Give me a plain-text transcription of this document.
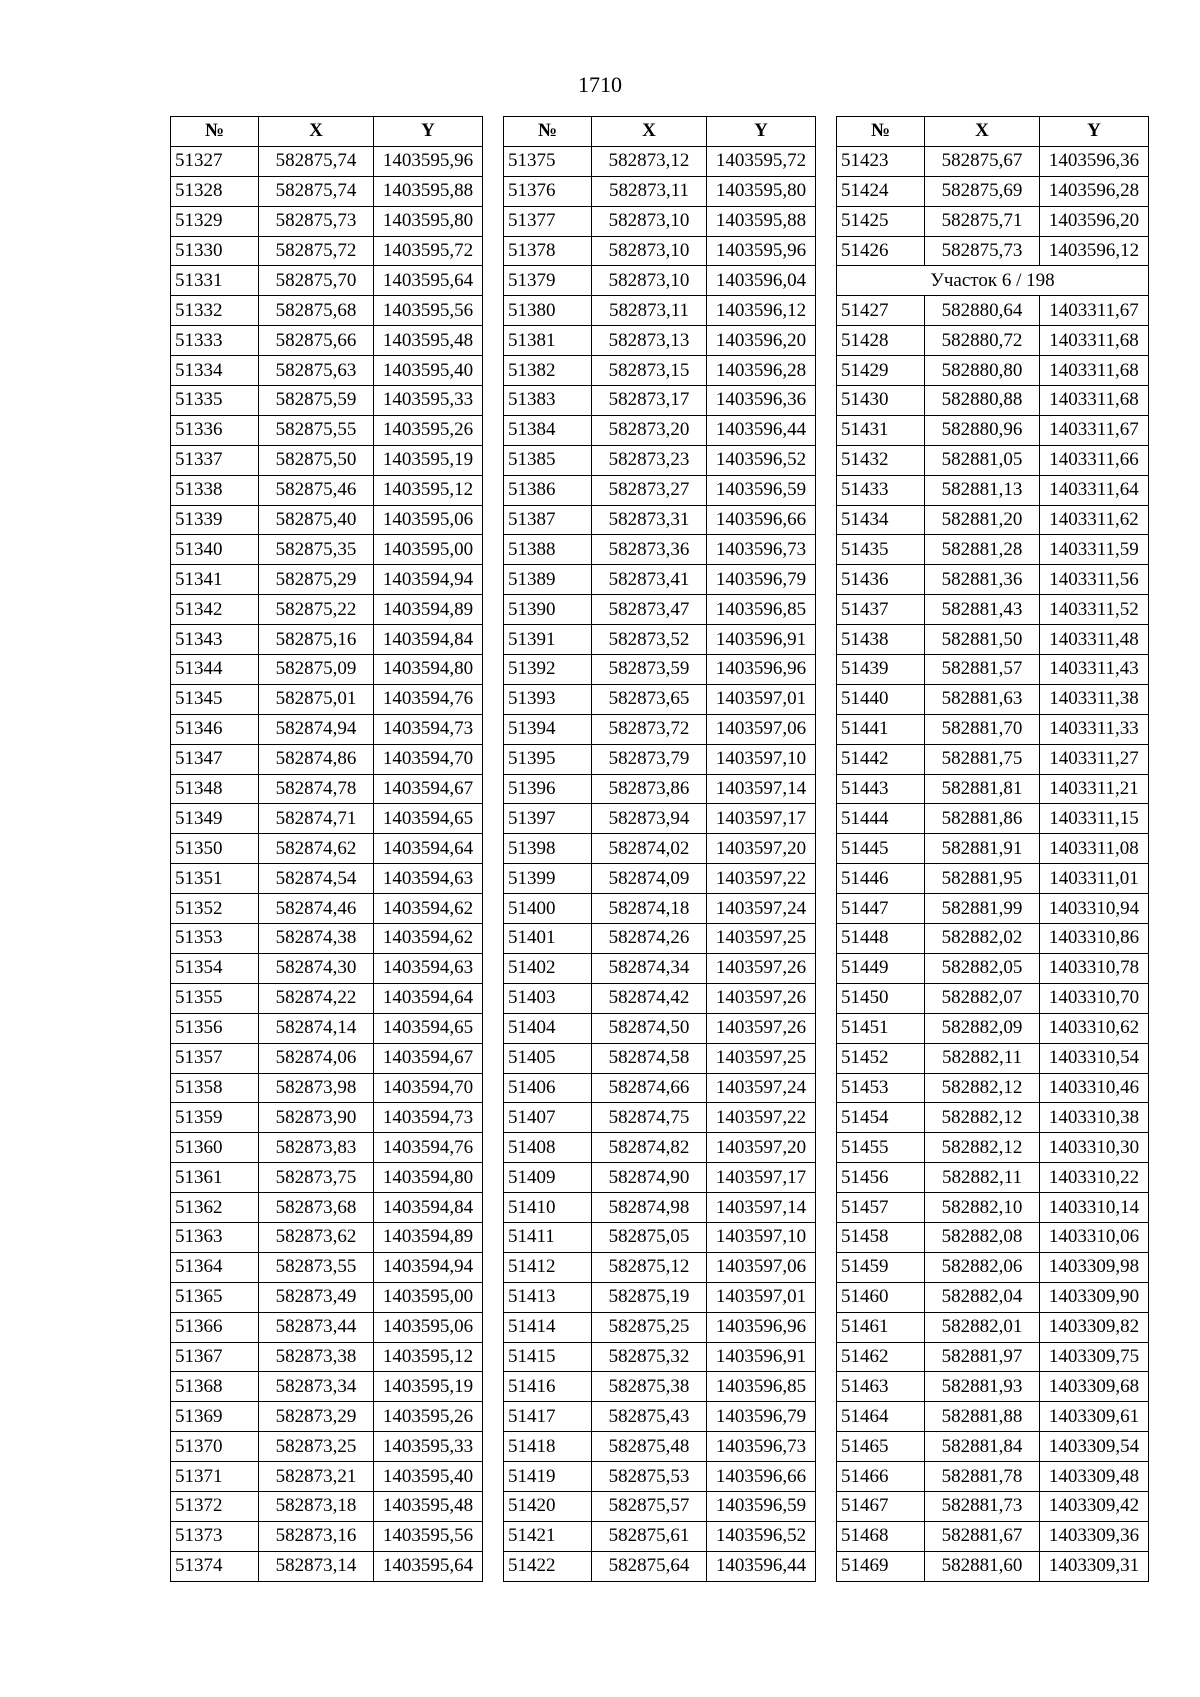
1710
№	X	Y
51327	582875,74	1403595,96
51328	582875,74	1403595,88
51329	582875,73	1403595,80
51330	582875,72	1403595,72
51331	582875,70	1403595,64
51332	582875,68	1403595,56
51333	582875,66	1403595,48
51334	582875,63	1403595,40
51335	582875,59	1403595,33
51336	582875,55	1403595,26
51337	582875,50	1403595,19
51338	582875,46	1403595,12
51339	582875,40	1403595,06
51340	582875,35	1403595,00
51341	582875,29	1403594,94
51342	582875,22	1403594,89
51343	582875,16	1403594,84
51344	582875,09	1403594,80
51345	582875,01	1403594,76
51346	582874,94	1403594,73
51347	582874,86	1403594,70
51348	582874,78	1403594,67
51349	582874,71	1403594,65
51350	582874,62	1403594,64
51351	582874,54	1403594,63
51352	582874,46	1403594,62
51353	582874,38	1403594,62
51354	582874,30	1403594,63
51355	582874,22	1403594,64
51356	582874,14	1403594,65
51357	582874,06	1403594,67
51358	582873,98	1403594,70
51359	582873,90	1403594,73
51360	582873,83	1403594,76
51361	582873,75	1403594,80
51362	582873,68	1403594,84
51363	582873,62	1403594,89
51364	582873,55	1403594,94
51365	582873,49	1403595,00
51366	582873,44	1403595,06
51367	582873,38	1403595,12
51368	582873,34	1403595,19
51369	582873,29	1403595,26
51370	582873,25	1403595,33
51371	582873,21	1403595,40
51372	582873,18	1403595,48
51373	582873,16	1403595,56
51374	582873,14	1403595,64
№	X	Y
51375	582873,12	1403595,72
51376	582873,11	1403595,80
51377	582873,10	1403595,88
51378	582873,10	1403595,96
51379	582873,10	1403596,04
51380	582873,11	1403596,12
51381	582873,13	1403596,20
51382	582873,15	1403596,28
51383	582873,17	1403596,36
51384	582873,20	1403596,44
51385	582873,23	1403596,52
51386	582873,27	1403596,59
51387	582873,31	1403596,66
51388	582873,36	1403596,73
51389	582873,41	1403596,79
51390	582873,47	1403596,85
51391	582873,52	1403596,91
51392	582873,59	1403596,96
51393	582873,65	1403597,01
51394	582873,72	1403597,06
51395	582873,79	1403597,10
51396	582873,86	1403597,14
51397	582873,94	1403597,17
51398	582874,02	1403597,20
51399	582874,09	1403597,22
51400	582874,18	1403597,24
51401	582874,26	1403597,25
51402	582874,34	1403597,26
51403	582874,42	1403597,26
51404	582874,50	1403597,26
51405	582874,58	1403597,25
51406	582874,66	1403597,24
51407	582874,75	1403597,22
51408	582874,82	1403597,20
51409	582874,90	1403597,17
51410	582874,98	1403597,14
51411	582875,05	1403597,10
51412	582875,12	1403597,06
51413	582875,19	1403597,01
51414	582875,25	1403596,96
51415	582875,32	1403596,91
51416	582875,38	1403596,85
51417	582875,43	1403596,79
51418	582875,48	1403596,73
51419	582875,53	1403596,66
51420	582875,57	1403596,59
51421	582875,61	1403596,52
51422	582875,64	1403596,44
№	X	Y
51423	582875,67	1403596,36
51424	582875,69	1403596,28
51425	582875,71	1403596,20
51426	582875,73	1403596,12
Участок 6 / 198		
51427	582880,64	1403311,67
51428	582880,72	1403311,68
51429	582880,80	1403311,68
51430	582880,88	1403311,68
51431	582880,96	1403311,67
51432	582881,05	1403311,66
51433	582881,13	1403311,64
51434	582881,20	1403311,62
51435	582881,28	1403311,59
51436	582881,36	1403311,56
51437	582881,43	1403311,52
51438	582881,50	1403311,48
51439	582881,57	1403311,43
51440	582881,63	1403311,38
51441	582881,70	1403311,33
51442	582881,75	1403311,27
51443	582881,81	1403311,21
51444	582881,86	1403311,15
51445	582881,91	1403311,08
51446	582881,95	1403311,01
51447	582881,99	1403310,94
51448	582882,02	1403310,86
51449	582882,05	1403310,78
51450	582882,07	1403310,70
51451	582882,09	1403310,62
51452	582882,11	1403310,54
51453	582882,12	1403310,46
51454	582882,12	1403310,38
51455	582882,12	1403310,30
51456	582882,11	1403310,22
51457	582882,10	1403310,14
51458	582882,08	1403310,06
51459	582882,06	1403309,98
51460	582882,04	1403309,90
51461	582882,01	1403309,82
51462	582881,97	1403309,75
51463	582881,93	1403309,68
51464	582881,88	1403309,61
51465	582881,84	1403309,54
51466	582881,78	1403309,48
51467	582881,73	1403309,42
51468	582881,67	1403309,36
51469	582881,60	1403309,31
